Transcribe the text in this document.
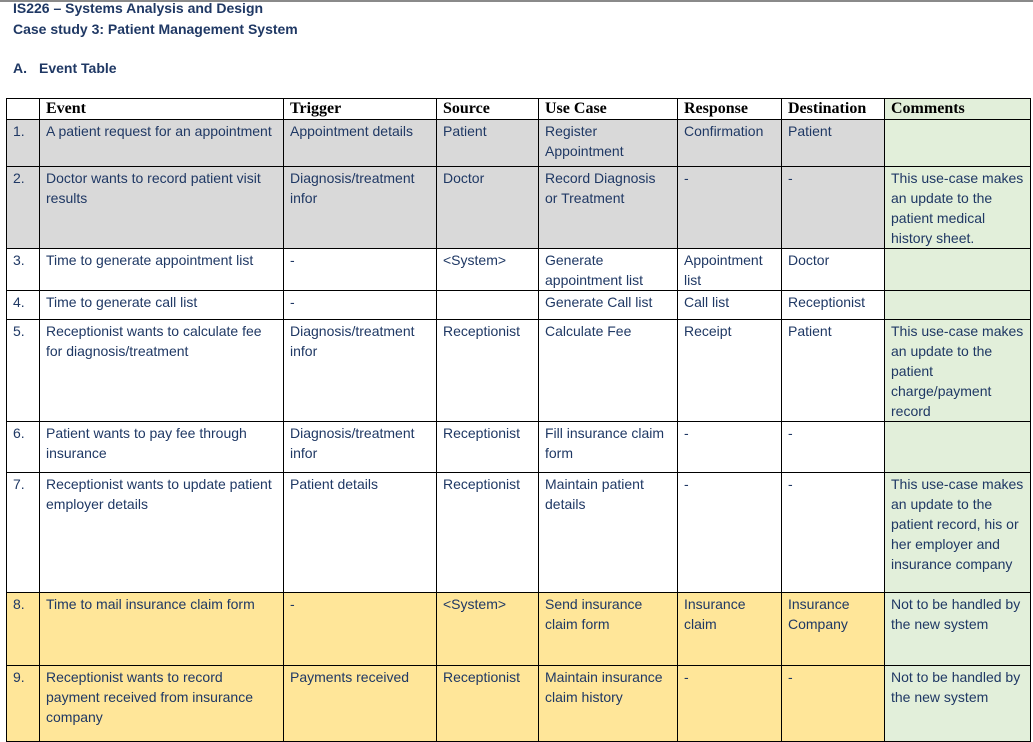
IS226 – Systems Analysis and Design
Case study 3: Patient Management System
A. Event Table
	Event	Trigger	Source	Use Case	Response	Destination	Comments
1.	A patient request for an appointment	Appointment details	Patient	Register Appointment	Confirmation	Patient	
2.	Doctor wants to record patient visit results	Diagnosis/treatment infor	Doctor	Record Diagnosis or Treatment	-	-	This use-case makes an update to the patient medical history sheet.
3.	Time to generate appointment list	-	<System>	Generate appointment list	Appointment list	Doctor	
4.	Time to generate call list	-		Generate Call list	Call list	Receptionist	
5.	Receptionist wants to calculate fee for diagnosis/treatment	Diagnosis/treatment infor	Receptionist	Calculate Fee	Receipt	Patient	This use-case makes an update to the patient charge/payment record
6.	Patient wants to pay fee through insurance	Diagnosis/treatment infor	Receptionist	Fill insurance claim form	-	-	
7.	Receptionist wants to update patient employer details	Patient details	Receptionist	Maintain patient details	-	-	This use-case makes an update to the patient record, his or her employer and insurance company
8.	Time to mail insurance claim form	-	<System>	Send insurance claim form	Insurance claim	Insurance Company	Not to be handled by the new system
9.	Receptionist wants to record payment received from insurance company	Payments received	Receptionist	Maintain insurance claim history	-	-	Not to be handled by the new system
